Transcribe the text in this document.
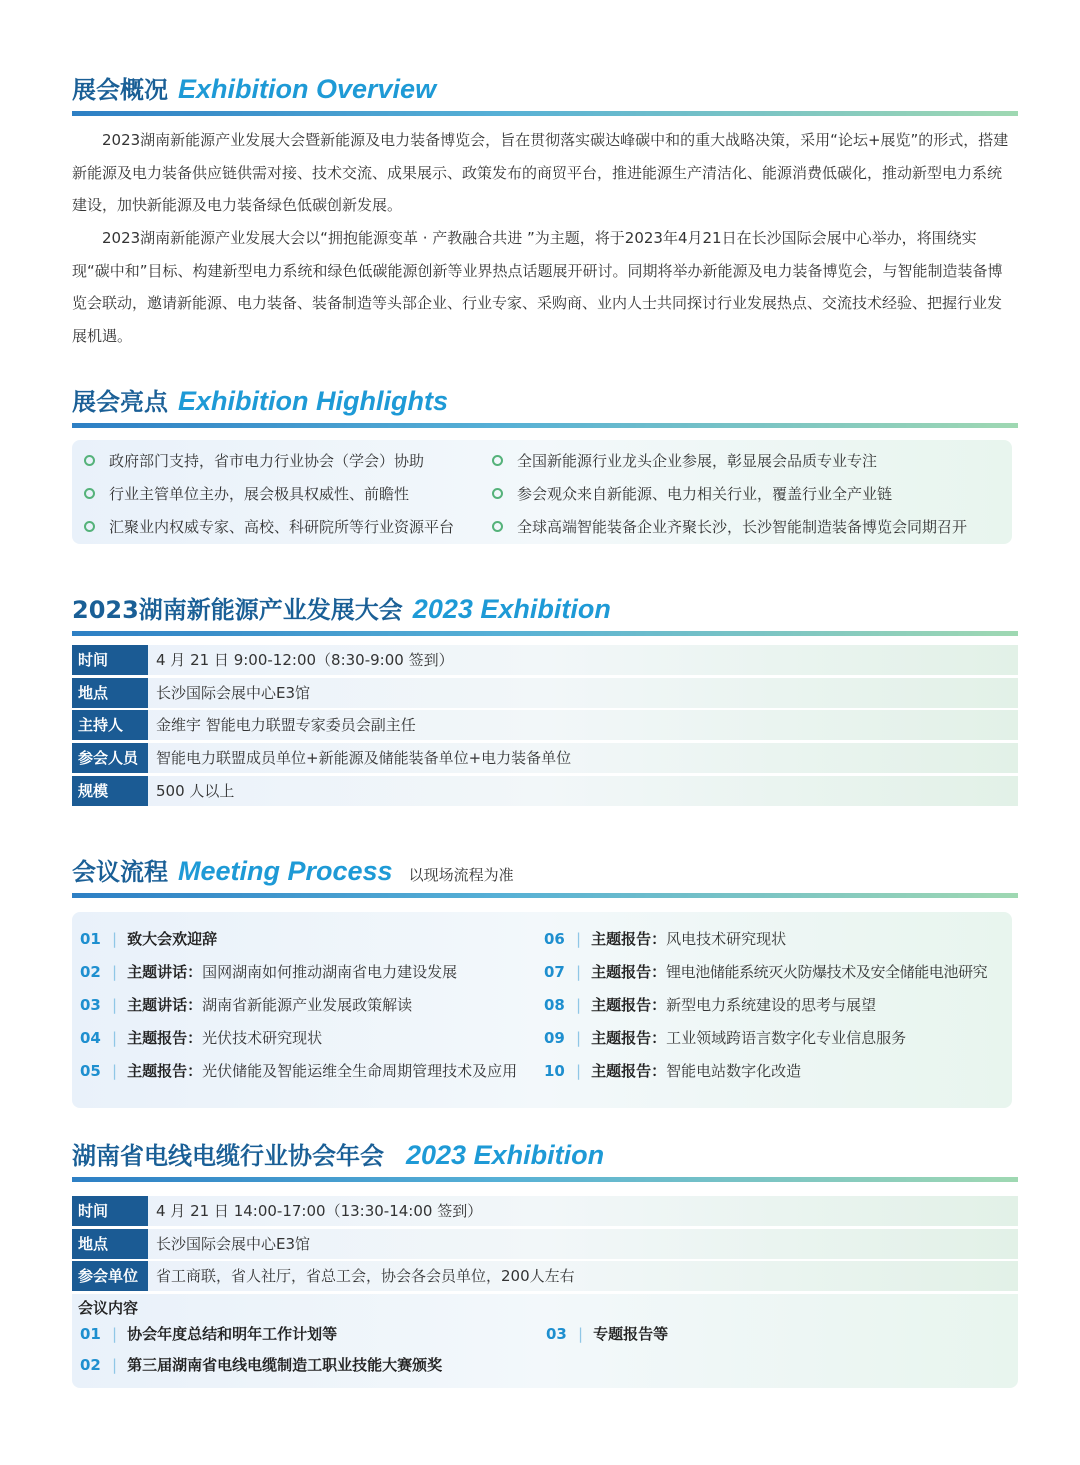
展会概况 Exhibition Overview

2023湖南新能源产业发展大会暨新能源及电力装备博览会，旨在贯彻落实碳达峰碳中和的重大战略决策，采用“论坛+展览”的形式，搭建新能源及电力装备供应链供需对接、技术交流、成果展示、政策发布的商贸平台，推进能源生产清洁化、能源消费低碳化，推动新型电力系统建设，加快新能源及电力装备绿色低碳创新发展。

2023湖南新能源产业发展大会以“拥抱能源变革 · 产教融合共进 ”为主题，将于2023年4月21日在长沙国际会展中心举办，将围绕实现“碳中和”目标、构建新型电力系统和绿色低碳能源创新等业界热点话题展开研讨。同期将举办新能源及电力装备博览会，与智能制造装备博览会联动，邀请新能源、电力装备、装备制造等头部企业、行业专家、采购商、业内人士共同探讨行业发展热点、交流技术经验、把握行业发展机遇。

展会亮点 Exhibition Highlights
政府部门支持，省市电力行业协会（学会）协助
行业主管单位主办，展会极具权威性、前瞻性
汇聚业内权威专家、高校、科研院所等行业资源平台
全国新能源行业龙头企业参展，彰显展会品质专业专注
参会观众来自新能源、电力相关行业，覆盖行业全产业链
全球高端智能装备企业齐聚长沙，长沙智能制造装备博览会同期召开
2023湖南新能源产业发展大会 2023 Exhibition
时间	4 月 21 日 9:00-12:00（8:30-9:00 签到）
地点	长沙国际会展中心E3馆
主持人	金维宇 智能电力联盟专家委员会副主任
参会人员	智能电力联盟成员单位+新能源及储能装备单位+电力装备单位
规模	500 人以上
会议流程 Meeting Process 以现场流程为准
01 | 致大会欢迎辞
02 | 主题讲话： 国网湖南如何推动湖南省电力建设发展
03 | 主题讲话： 湖南省新能源产业发展政策解读
04 | 主题报告： 光伏技术研究现状
05 | 主题报告： 光伏储能及智能运维全生命周期管理技术及应用
06 | 主题报告： 风电技术研究现状
07 | 主题报告： 锂电池储能系统灭火防爆技术及安全储能电池研究
08 | 主题报告： 新型电力系统建设的思考与展望
09 | 主题报告： 工业领域跨语言数字化专业信息服务
10 | 主题报告： 智能电站数字化改造
湖南省电线电缆行业协会年会 2023 Exhibition
时间	4 月 21 日 14:00-17:00（13:30-14:00 签到）
地点	长沙国际会展中心E3馆
参会单位	省工商联，省人社厅，省总工会，协会各会员单位，200人左右
会议内容
01 | 协会年度总结和明年工作计划等
02 | 第三届湖南省电线电缆制造工职业技能大赛颁奖
03 | 专题报告等
